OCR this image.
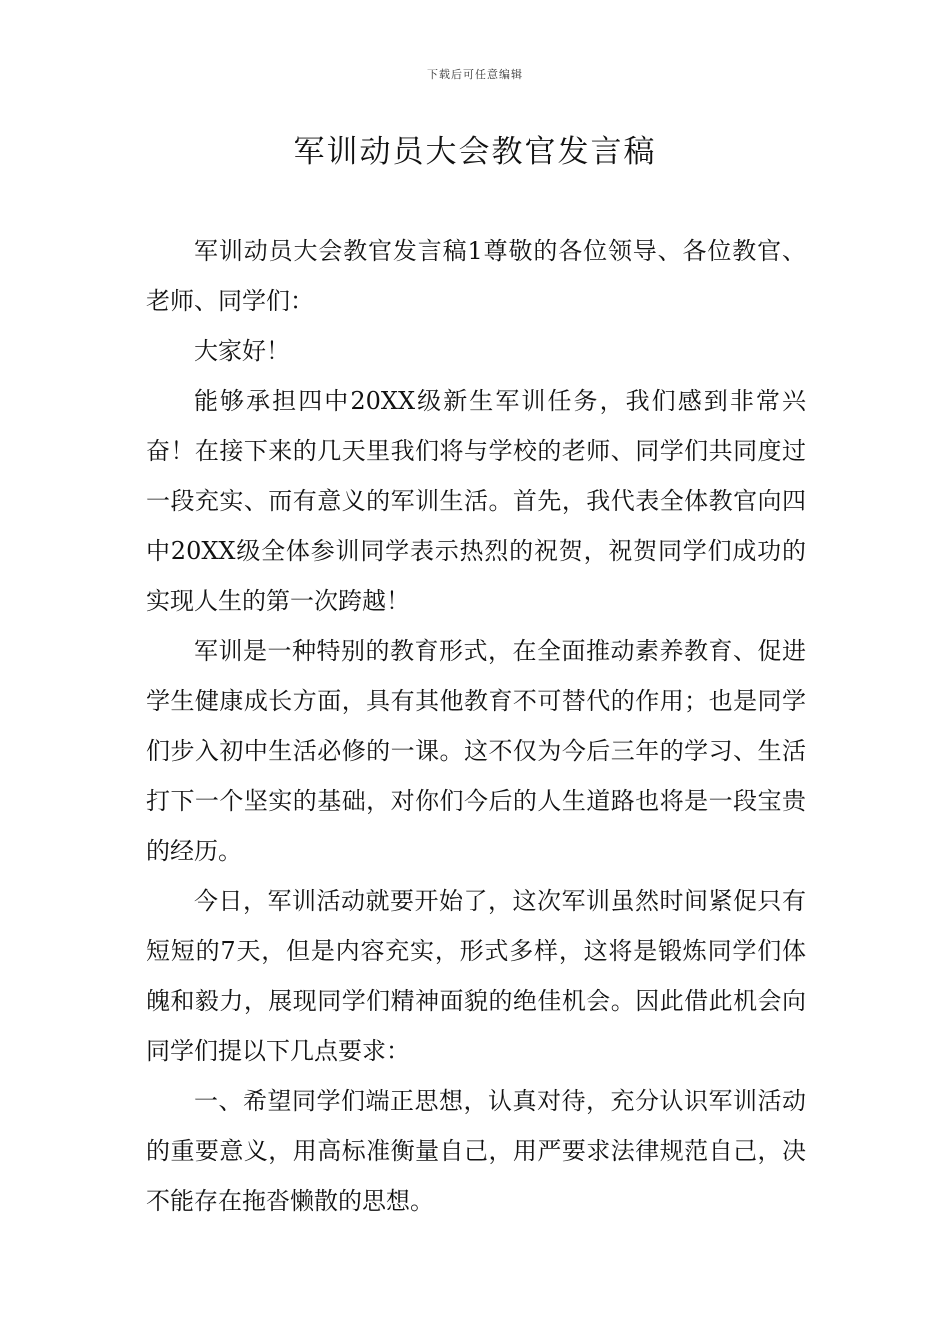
下载后可任意编辑
军训动员大会教官发言稿

军训动员大会教官发言稿1尊敬的各位领导、各位教官、老师、同学们：

大家好！

能够承担四中20XX级新生军训任务，我们感到非常兴奋！在接下来的几天里我们将与学校的老师、同学们共同度过一段充实、而有意义的军训生活。首先，我代表全体教官向四中20XX级全体参训同学表示热烈的祝贺，祝贺同学们成功的实现人生的第一次跨越！

军训是一种特别的教育形式，在全面推动素养教育、促进学生健康成长方面，具有其他教育不可替代的作用；也是同学们步入初中生活必修的一课。这不仅为今后三年的学习、生活打下一个坚实的基础，对你们今后的人生道路也将是一段宝贵的经历。

今日，军训活动就要开始了，这次军训虽然时间紧促只有短短的7天，但是内容充实，形式多样，这将是锻炼同学们体魄和毅力，展现同学们精神面貌的绝佳机会。因此借此机会向同学们提以下几点要求：

一、希望同学们端正思想，认真对待，充分认识军训活动的重要意义，用高标准衡量自己，用严要求法律规范自己，决不能存在拖沓懒散的思想。
